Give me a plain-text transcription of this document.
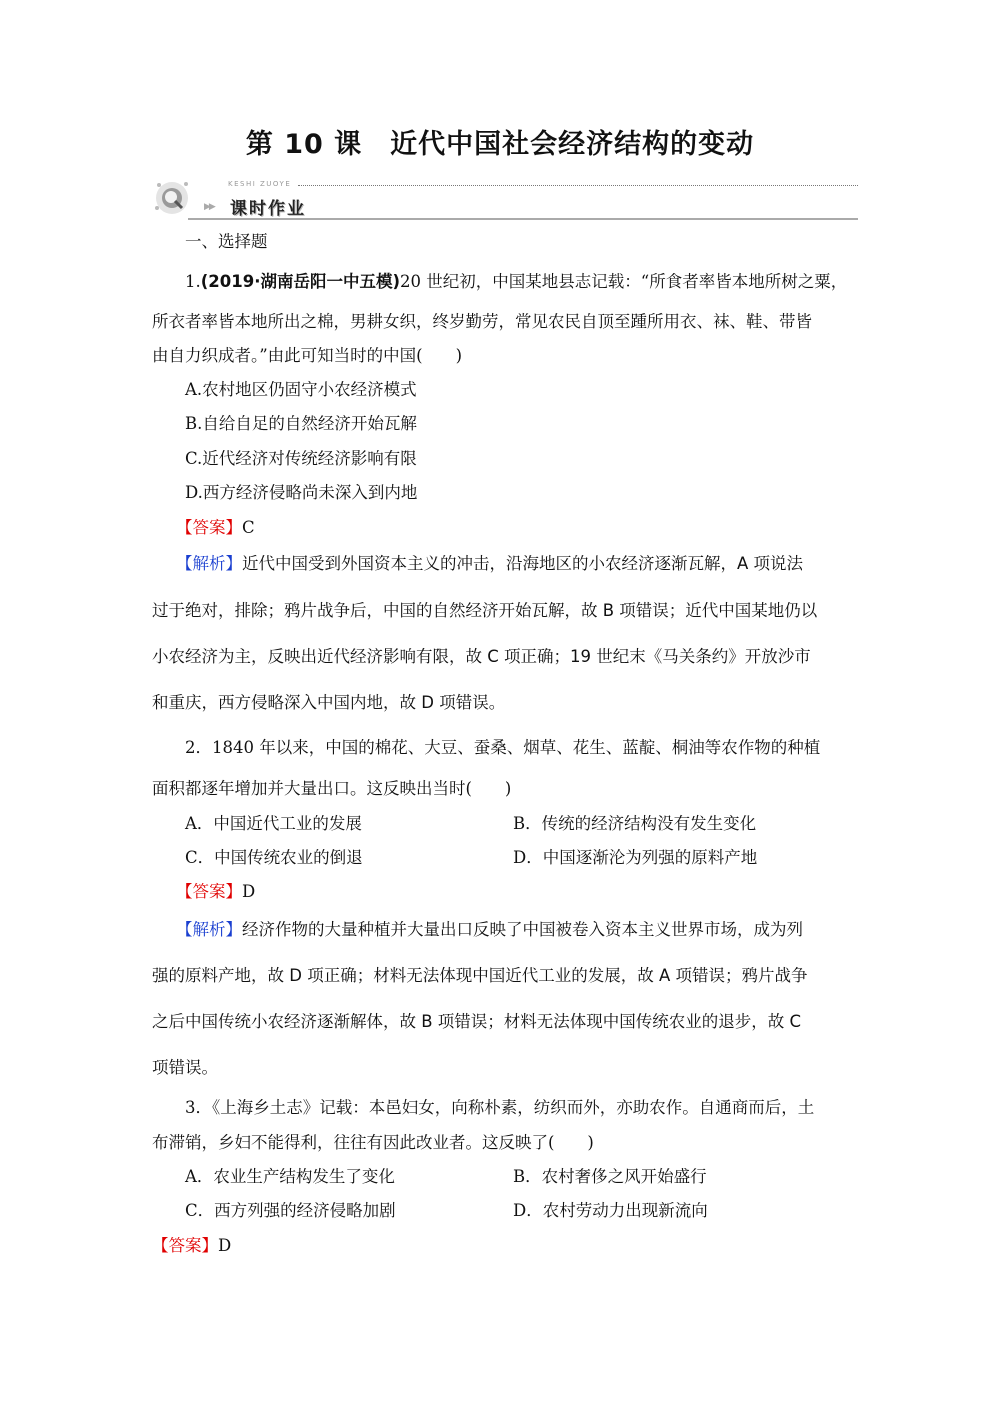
第 10 课　近代中国社会经济结构的变动
KESHI ZUOYE
▶▶ 课时作业
一、选择题
1.(2019·湖南岳阳一中五模)20 世纪初，中国某地县志记载：“所食者率皆本地所树之粟，
所衣者率皆本地所出之棉，男耕女织，终岁勤劳，常见农民自顶至踵所用衣、袜、鞋、带皆
由自力织成者。”由此可知当时的中国(　　)
A.农村地区仍固守小农经济模式
B.自给自足的自然经济开始瓦解
C.近代经济对传统经济影响有限
D.西方经济侵略尚未深入到内地
【答案】C
【解析】近代中国受到外国资本主义的冲击，沿海地区的小农经济逐渐瓦解，A 项说法
过于绝对，排除；鸦片战争后，中国的自然经济开始瓦解，故 B 项错误；近代中国某地仍以
小农经济为主，反映出近代经济影响有限，故 C 项正确；19 世纪末《马关条约》开放沙市
和重庆，西方侵略深入中国内地，故 D 项错误。
2．1840 年以来，中国的棉花、大豆、蚕桑、烟草、花生、蓝靛、桐油等农作物的种植
面积都逐年增加并大量出口。这反映出当时(　　)
A．中国近代工业的发展	B．传统的经济结构没有发生变化
C．中国传统农业的倒退	D．中国逐渐沦为列强的原料产地
【答案】D
【解析】经济作物的大量种植并大量出口反映了中国被卷入资本主义世界市场，成为列
强的原料产地，故 D 项正确；材料无法体现中国近代工业的发展，故 A 项错误；鸦片战争
之后中国传统小农经济逐渐解体，故 B 项错误；材料无法体现中国传统农业的退步，故 C
项错误。
3．《上海乡土志》记载：本邑妇女，向称朴素，纺织而外，亦助农作。自通商而后，土
布滞销，乡妇不能得利，往往有因此改业者。这反映了(　　)
A．农业生产结构发生了变化	B．农村奢侈之风开始盛行
C．西方列强的经济侵略加剧	D．农村劳动力出现新流向
【答案】D
